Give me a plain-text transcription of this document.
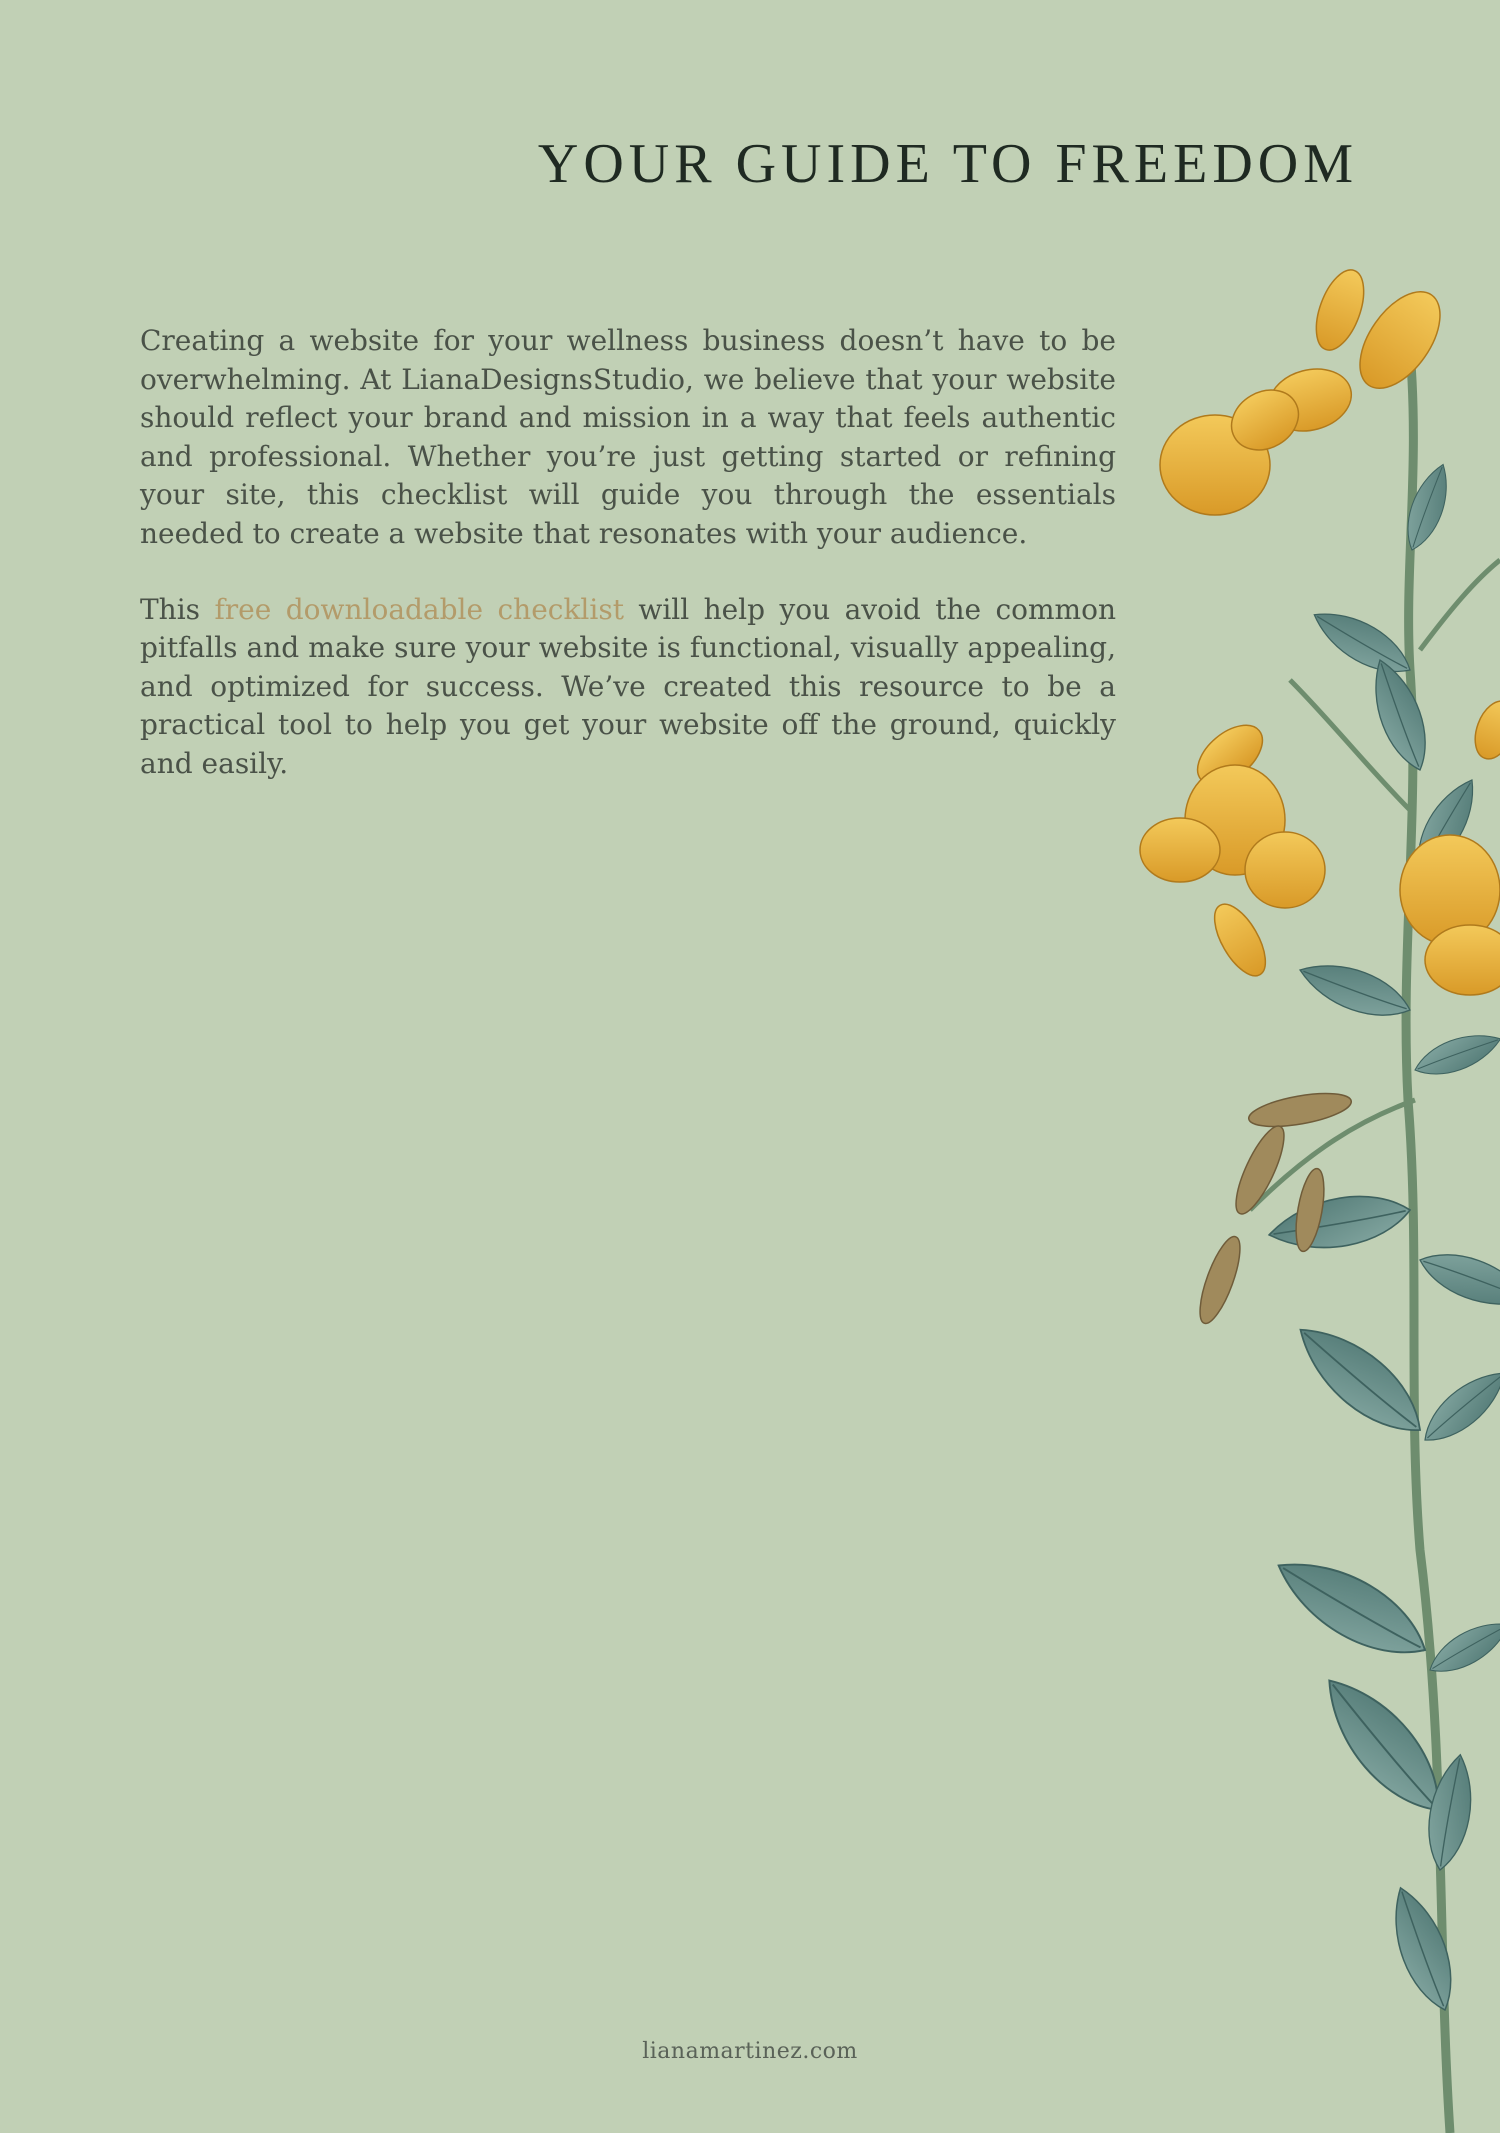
YOUR GUIDE TO FREEDOM

Creating a website for your wellness business doesn’t have to be overwhelming. At LianaDesignsStudio, we believe that your website should reflect your brand and mission in a way that feels authentic and professional. Whether you’re just getting started or refining your site, this checklist will guide you through the essentials needed to create a website that resonates with your audience.

This free downloadable checklist will help you avoid the common pitfalls and make sure your website is functional, visually appealing, and optimized for success. We’ve created this resource to be a practical tool to help you get your website off the ground, quickly and easily.

lianamartinez.com
